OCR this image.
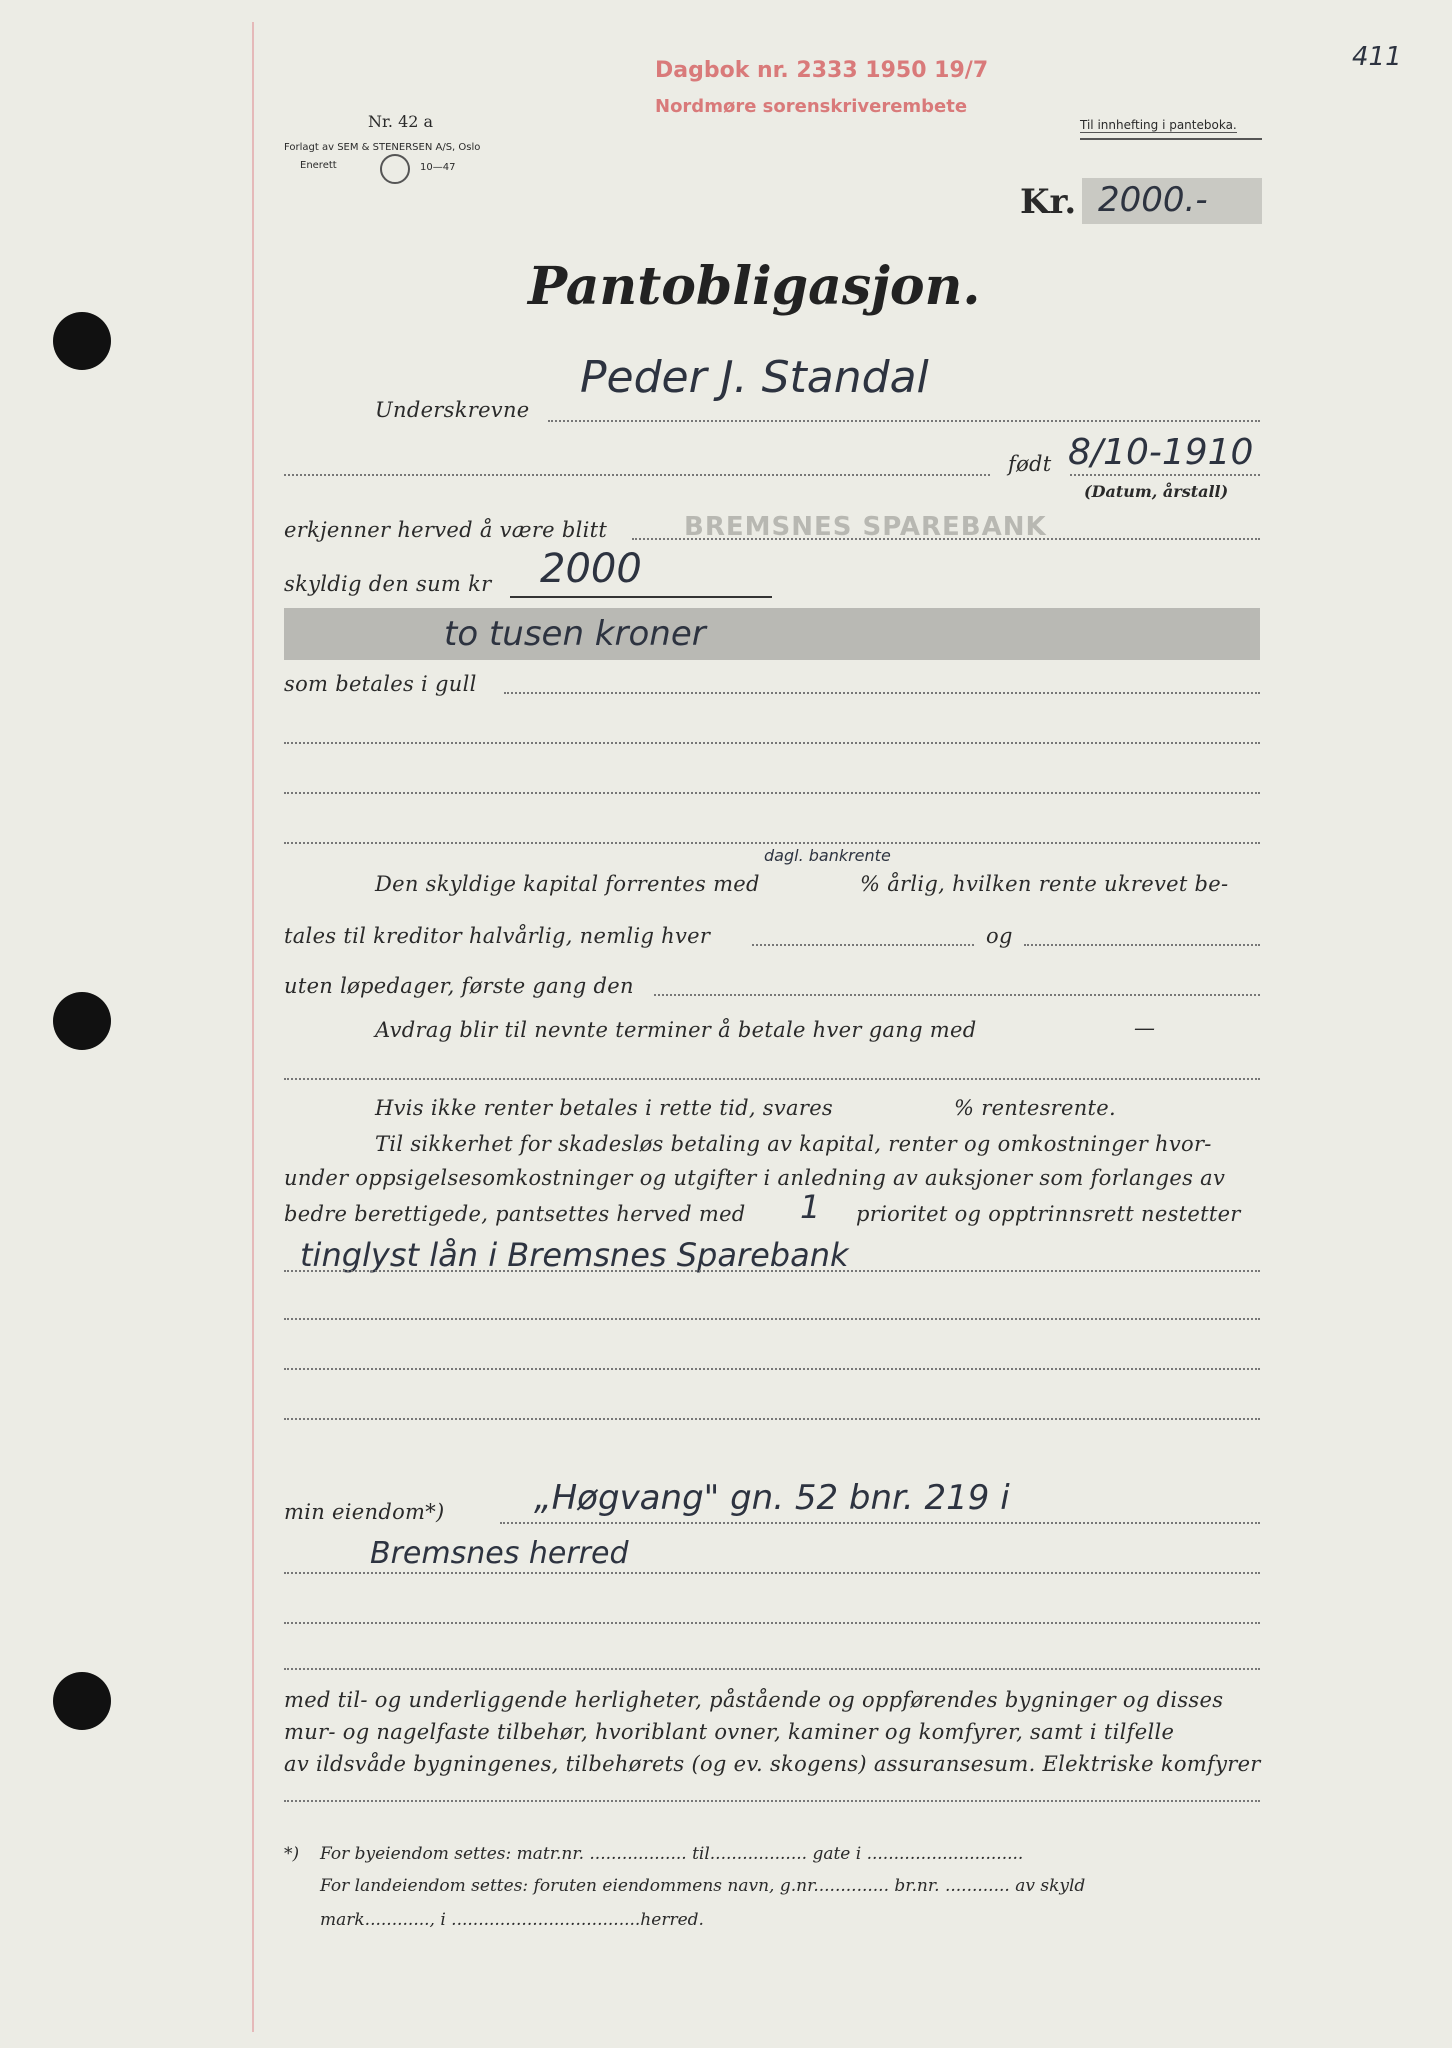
411
Dagbok nr. 2333 1950 19/7
Nordmøre sorenskriverembete
Nr. 42 a
Forlagt av SEM & STENERSEN A/S, Oslo
Enerett	10—47
Til innhefting i panteboka.
Kr. 2000.-
Pantobligasjon.
Underskrevne
Peder J. Standal
født 8/10-1910
(Datum, årstall)
erkjenner herved å være blitt	BREMSNES SPAREBANK
skyldig den sum kr 2000
to tusen kroner
som betales i gull
Den skyldige kapital forrentes med
dagl. bankrente
% årlig, hvilken rente ukrevet be-
tales til kreditor halvårlig, nemlig hver	og
uten løpedager, første gang den
Avdrag blir til nevnte terminer å betale hver gang med	—
Hvis ikke renter betales i rette tid, svares	% rentesrente.
Til sikkerhet for skadesløs betaling av kapital, renter og omkostninger hvor-
under oppsigelsesomkostninger og utgifter i anledning av auksjoner som forlanges av
bedre berettigede, pantsettes herved med 1 prioritet og opptrinnsrett nestetter
tinglyst lån i Bremsnes Sparebank
min eiendom*)	„Høgvang" gn. 52 bnr. 219 i
Bremsnes herred
med til- og underliggende herligheter, påstående og oppførendes bygninger og disses
mur- og nagelfaste tilbehør, hvoriblant ovner, kaminer og komfyrer, samt i tilfelle
av ildsvåde bygningenes, tilbehørets (og ev. skogens) assuransesum. Elektriske komfyrer
*) For byeiendom settes: matr.nr. .................. til.................. gate i .............................
For landeiendom settes: foruten eiendommens navn, g.nr.............. br.nr. ............ av skyld
mark............, i ...................................herred.
